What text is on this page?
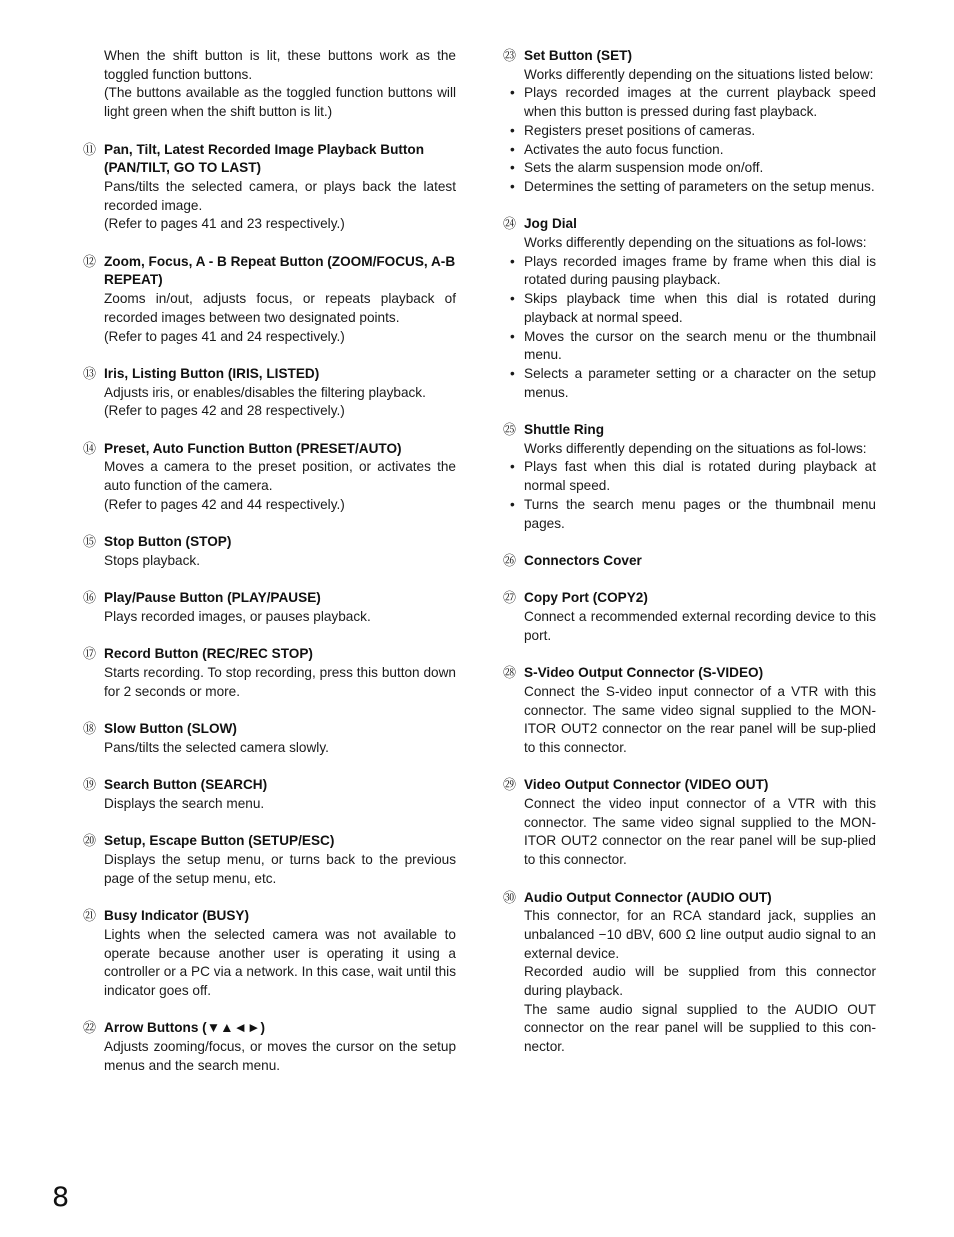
When the shift button is lit, these buttons work as the toggled function buttons.

(The buttons available as the toggled function buttons will light green when the shift button is lit.)

⑪ Pan, Tilt, Latest Recorded Image Playback Button (PAN/TILT, GO TO LAST)

Pans/tilts the selected camera, or plays back the latest recorded image.

(Refer to pages 41 and 23 respectively.)

⑫ Zoom, Focus, A - B Repeat Button (ZOOM/FOCUS, A-B REPEAT)

Zooms in/out, adjusts focus, or repeats playback of recorded images between two designated points.

(Refer to pages 41 and 24 respectively.)

⑬ Iris, Listing Button (IRIS, LISTED)

Adjusts iris, or enables/disables the filtering playback.

(Refer to pages 42 and 28 respectively.)

⑭ Preset, Auto Function Button (PRESET/AUTO)

Moves a camera to the preset position, or activates the auto function of the camera.

(Refer to pages 42 and 44 respectively.)

⑮ Stop Button (STOP)

Stops playback.

⑯ Play/Pause Button (PLAY/PAUSE)

Plays recorded images, or pauses playback.

⑰ Record Button (REC/REC STOP)

Starts recording. To stop recording, press this button down for 2 seconds or more.

⑱ Slow Button (SLOW)

Pans/tilts the selected camera slowly.

⑲ Search Button (SEARCH)

Displays the search menu.

⑳ Setup, Escape Button (SETUP/ESC)

Displays the setup menu, or turns back to the previous page of the setup menu, etc.

㉑ Busy Indicator (BUSY)

Lights when the selected camera was not available to operate because another user is operating it using a controller or a PC via a network. In this case, wait until this indicator goes off.

㉒ Arrow Buttons (▼▲◄►)

Adjusts zooming/focus, or moves the cursor on the setup menus and the search menu.

㉓ Set Button (SET)

Works differently depending on the situations listed below:

• Plays recorded images at the current playback speed when this button is pressed during fast playback.
• Registers preset positions of cameras.
• Activates the auto focus function.
• Sets the alarm suspension mode on/off.
• Determines the setting of parameters on the setup menus.
㉔ Jog Dial

Works differently depending on the situations as fol-lows:

• Plays recorded images frame by frame when this dial is rotated during pausing playback.
• Skips playback time when this dial is rotated during playback at normal speed.
• Moves the cursor on the search menu or the thumbnail menu.
• Selects a parameter setting or a character on the setup menus.
㉕ Shuttle Ring

Works differently depending on the situations as fol-lows:

• Plays fast when this dial is rotated during playback at normal speed.
• Turns the search menu pages or the thumbnail menu pages.
㉖ Connectors Cover
㉗ Copy Port (COPY2)

Connect a recommended external recording device to this port.

㉘ S-Video Output Connector (S-VIDEO)

Connect the S-video input connector of a VTR with this connector. The same video signal supplied to the MON-ITOR OUT2 connector on the rear panel will be sup-plied to this connector.

㉙ Video Output Connector (VIDEO OUT)

Connect the video input connector of a VTR with this connector. The same video signal supplied to the MON-ITOR OUT2 connector on the rear panel will be sup-plied to this connector.

㉚ Audio Output Connector (AUDIO OUT)

This connector, for an RCA standard jack, supplies an unbalanced −10 dBV, 600 Ω line output audio signal to an external device.

Recorded audio will be supplied from this connector during playback.

The same audio signal supplied to the AUDIO OUT connector on the rear panel will be supplied to this con-nector.

8
